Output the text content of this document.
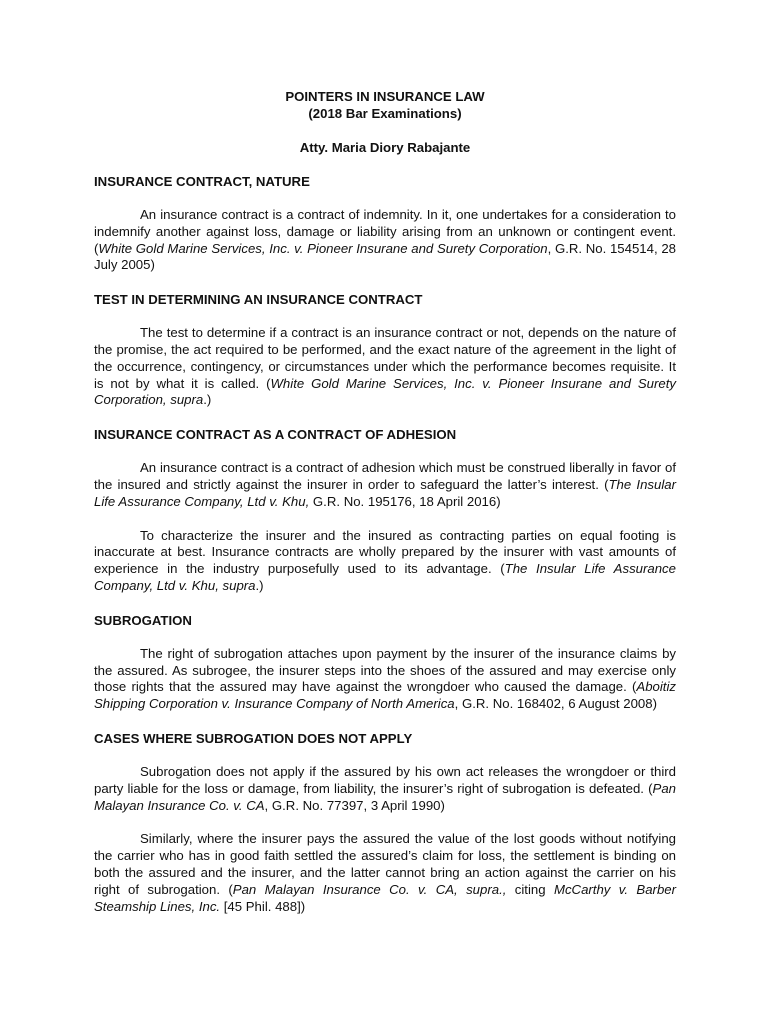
POINTERS IN INSURANCE LAW
(2018 Bar Examinations)
Atty. Maria Diory Rabajante
INSURANCE CONTRACT, NATURE

An insurance contract is a contract of indemnity. In it, one undertakes for a consideration to indemnify another against loss, damage or liability arising from an unknown or contingent event. (White Gold Marine Services, Inc. v. Pioneer Insurane and Surety Corporation, G.R. No. 154514, 28 July 2005)

TEST IN DETERMINING AN INSURANCE CONTRACT

The test to determine if a contract is an insurance contract or not, depends on the nature of the promise, the act required to be performed, and the exact nature of the agreement in the light of the occurrence, contingency, or circumstances under which the performance becomes requisite. It is not by what it is called. (White Gold Marine Services, Inc. v. Pioneer Insurane and Surety Corporation, supra.)

INSURANCE CONTRACT AS A CONTRACT OF ADHESION

An insurance contract is a contract of adhesion which must be construed liberally in favor of the insured and strictly against the insurer in order to safeguard the latter’s interest. (The Insular Life Assurance Company, Ltd v. Khu, G.R. No. 195176, 18 April 2016)

To characterize the insurer and the insured as contracting parties on equal footing is inaccurate at best. Insurance contracts are wholly prepared by the insurer with vast amounts of experience in the industry purposefully used to its advantage. (The Insular Life Assurance Company, Ltd v. Khu, supra.)

SUBROGATION

The right of subrogation attaches upon payment by the insurer of the insurance claims by the assured. As subrogee, the insurer steps into the shoes of the assured and may exercise only those rights that the assured may have against the wrongdoer who caused the damage. (Aboitiz Shipping Corporation v. Insurance Company of North America, G.R. No. 168402, 6 August 2008)

CASES WHERE SUBROGATION DOES NOT APPLY

Subrogation does not apply if the assured by his own act releases the wrongdoer or third party liable for the loss or damage, from liability, the insurer’s right of subrogation is defeated. (Pan Malayan Insurance Co. v. CA, G.R. No. 77397, 3 April 1990)

Similarly, where the insurer pays the assured the value of the lost goods without notifying the carrier who has in good faith settled the assured’s claim for loss, the settlement is binding on both the assured and the insurer, and the latter cannot bring an action against the carrier on his right of subrogation. (Pan Malayan Insurance Co. v. CA, supra., citing McCarthy v. Barber Steamship Lines, Inc. [45 Phil. 488])
